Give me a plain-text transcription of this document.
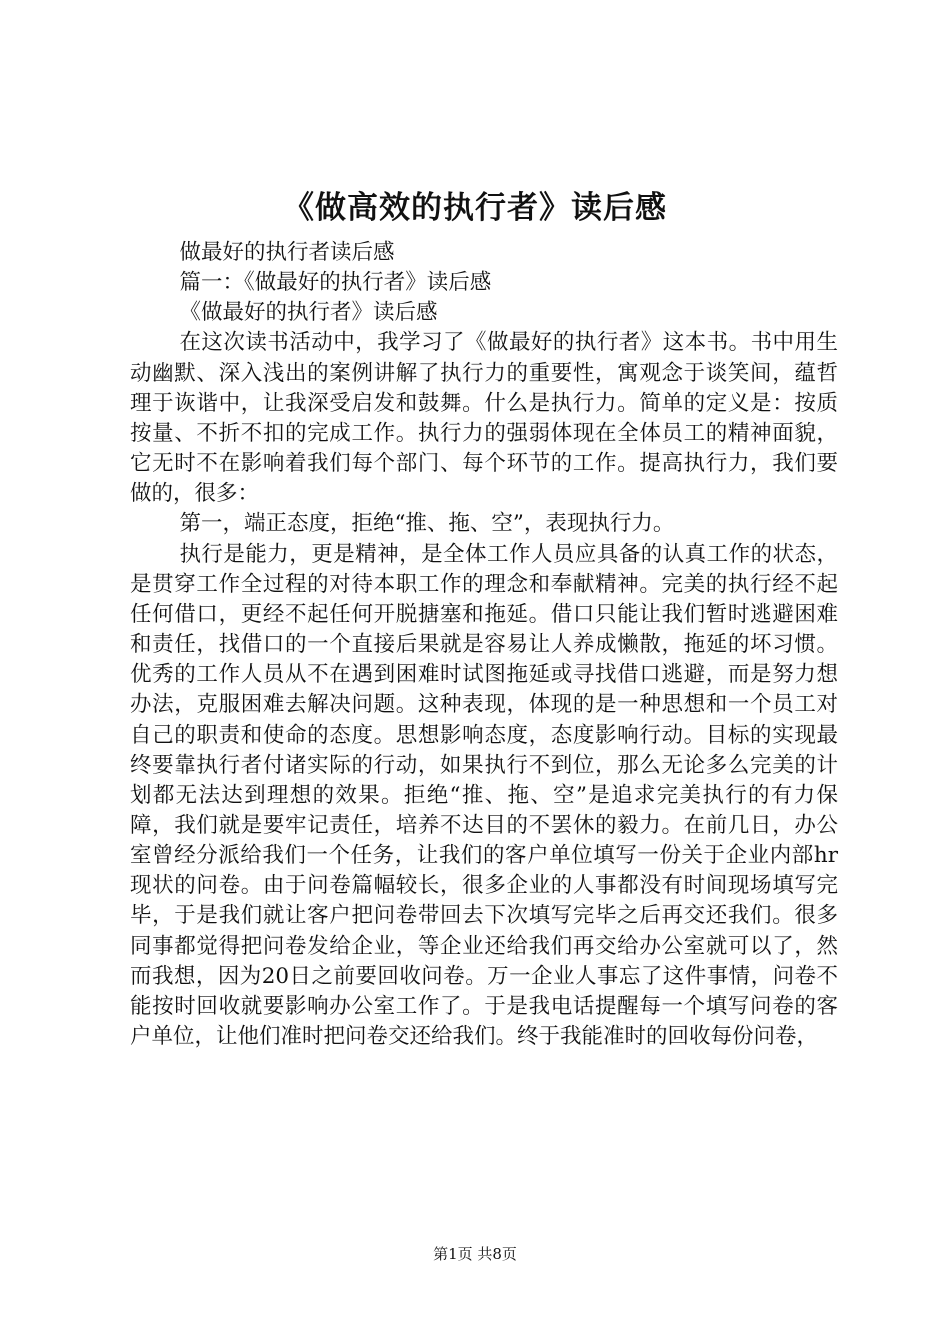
《做高效的执行者》读后感

做最好的执行者读后感

篇一：《做最好的执行者》读后感

《做最好的执行者》读后感

在这次读书活动中，我学习了《做最好的执行者》这本书。书中用生动幽默、深入浅出的案例讲解了执行力的重要性，寓观念于谈笑间，蕴哲理于诙谐中，让我深受启发和鼓舞。什么是执行力。简单的定义是：按质按量、不折不扣的完成工作。执行力的强弱体现在全体员工的精神面貌，它无时不在影响着我们每个部门、每个环节的工作。提高执行力，我们要做的，很多：

第一，端正态度，拒绝“推、拖、空”，表现执行力。

执行是能力，更是精神，是全体工作人员应具备的认真工作的状态，是贯穿工作全过程的对待本职工作的理念和奉献精神。完美的执行经不起任何借口，更经不起任何开脱搪塞和拖延。借口只能让我们暂时逃避困难和责任，找借口的一个直接后果就是容易让人养成懒散，拖延的坏习惯。优秀的工作人员从不在遇到困难时试图拖延或寻找借口逃避，而是努力想办法，克服困难去解决问题。这种表现，体现的是一种思想和一个员工对自己的职责和使命的态度。思想影响态度，态度影响行动。目标的实现最终要靠执行者付诸实际的行动，如果执行不到位，那么无论多么完美的计划都无法达到理想的效果。拒绝“推、拖、空”是追求完美执行的有力保障，我们就是要牢记责任，培养不达目的不罢休的毅力。在前几日，办公室曾经分派给我们一个任务，让我们的客户单位填写一份关于企业内部hr现状的问卷。由于问卷篇幅较长，很多企业的人事都没有时间现场填写完毕，于是我们就让客户把问卷带回去下次填写完毕之后再交还我们。很多同事都觉得把问卷发给企业，等企业还给我们再交给办公室就可以了，然而我想，因为20日之前要回收问卷。万一企业人事忘了这件事情，问卷不能按时回收就要影响办公室工作了。于是我电话提醒每一个填写问卷的客户单位，让他们准时把问卷交还给我们。终于我能准时的回收每份问卷，

第1页 共8页
